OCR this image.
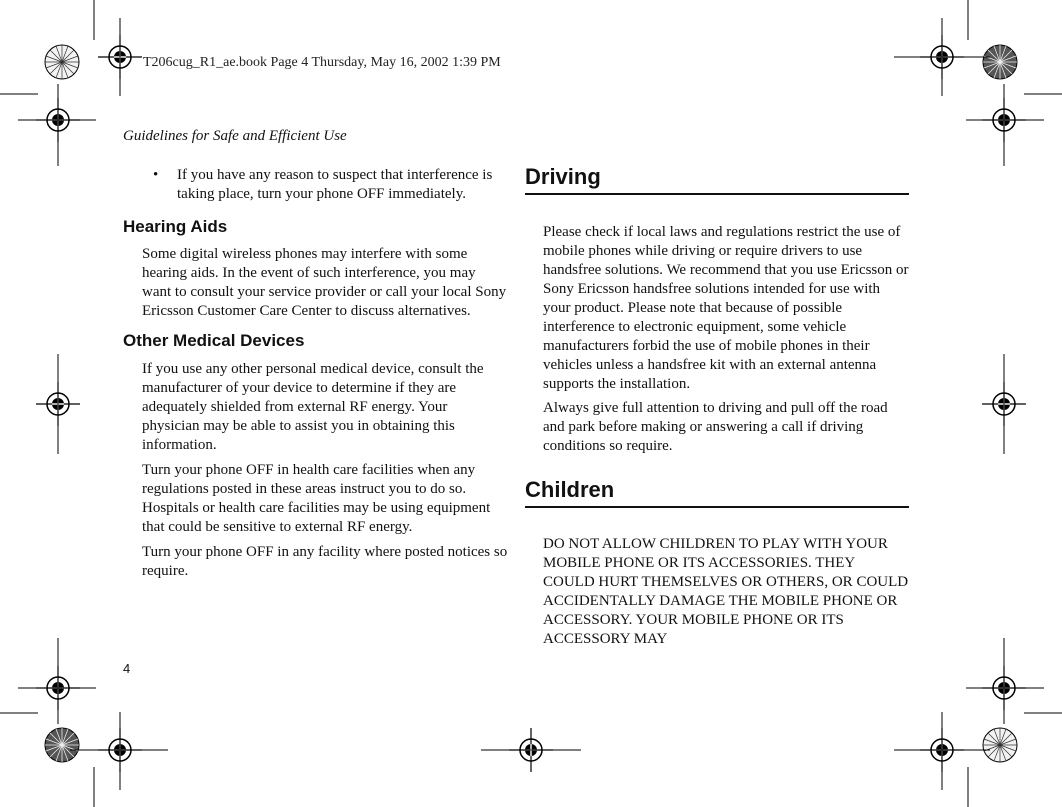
T206cug_R1_ae.book Page 4 Thursday, May 16, 2002 1:39 PM
Guidelines for Safe and Efficient Use
•	If you have any reason to suspect that interference is taking place, turn your phone OFF immediately.
Hearing Aids

Some digital wireless phones may interfere with some hearing aids. In the event of such interference, you may want to consult your service provider or call your local Sony Ericsson Customer Care Center to discuss alternatives.

Other Medical Devices

If you use any other personal medical device, consult the manufacturer of your device to determine if they are adequately shielded from external RF energy. Your physician may be able to assist you in obtaining this information.

Turn your phone OFF in health care facilities when any regulations posted in these areas instruct you to do so. Hospitals or health care facilities may be using equipment that could be sensitive to external RF energy.

Turn your phone OFF in any facility where posted notices so require.

Driving

Please check if local laws and regulations restrict the use of mobile phones while driving or require drivers to use handsfree solutions. We recommend that you use Ericsson or Sony Ericsson handsfree solutions intended for use with your product. Please note that because of possible interference to electronic equipment, some vehicle manufacturers forbid the use of mobile phones in their vehicles unless a handsfree kit with an external antenna supports the installation.

Always give full attention to driving and pull off the road and park before making or answering a call if driving conditions so require.

Children

DO NOT ALLOW CHILDREN TO PLAY WITH YOUR MOBILE PHONE OR ITS ACCESSORIES. THEY COULD HURT THEMSELVES OR OTHERS, OR COULD ACCIDENTALLY DAMAGE THE MOBILE PHONE OR ACCESSORY. YOUR MOBILE PHONE OR ITS ACCESSORY MAY

4
